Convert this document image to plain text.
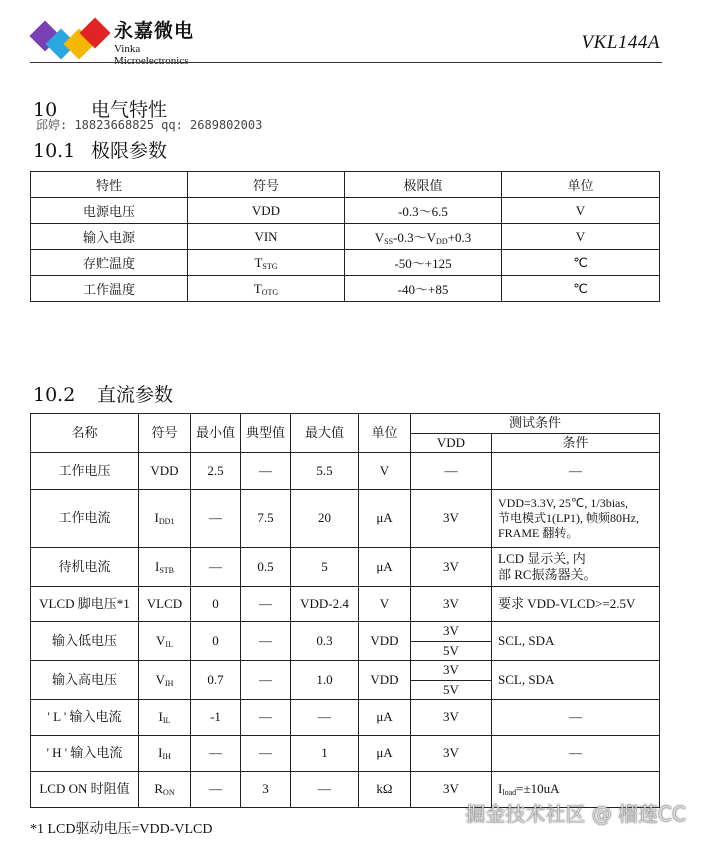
永嘉微电
Vinka Microelectronics
VKL144A
10 电气特性
邱婷: 18823668825 qq: 2689802003
10.1 极限参数
特性	符号	极限值	单位
电源电压	VDD	-0.3～6.5	V
输入电源	VIN	$V_{SS}-0.3\sim V_{DD}+0.3$	V
存贮温度	$T_{STG}$	-50～+125	℃
工作温度	$T_{OTG}$	-40～+85	℃
10.2 直流参数
名称	符号	最小值	典型值	最大值	单位	测试条件	
						VDD	条件
工作电压	VDD	2.5	—	5.5	V	—	—
工作电流	$I_{DD1}$	—	7.5	20	μA	3V	VDD=3.3V, 25℃, 1/3bias,
节电模式1(LP1), 帧频80Hz,
FRAME 翻转。

待机电流	$I_{STB}$	—	0.5	5	μA	3V	LCD 显示关, 内
部 RC振荡器关。

VLCD 脚电压*1	VLCD	0	—	VDD-2.4	V	3V	要求 VDD-VLCD>=2.5V
输入低电压	$V_{IL}$	0	—	0.3	VDD	3V	SCL, SDA
						5V	
输入高电压	$V_{IH}$	0.7	—	1.0	VDD	3V	SCL, SDA
						5V	
' L ' 输入电流	$I_{IL}$	-1	—	—	μA	3V	—
' H ' 输入电流	$I_{IH}$	—	—	1	μA	3V	—
LCD ON 时阻值	$R_{ON}$	—	3	—	kΩ	3V	$I_{load}=\pm 10uA$
*1 LCD驱动电压=VDD-VLCD
掘金技术社区 @ 榴莲CC
